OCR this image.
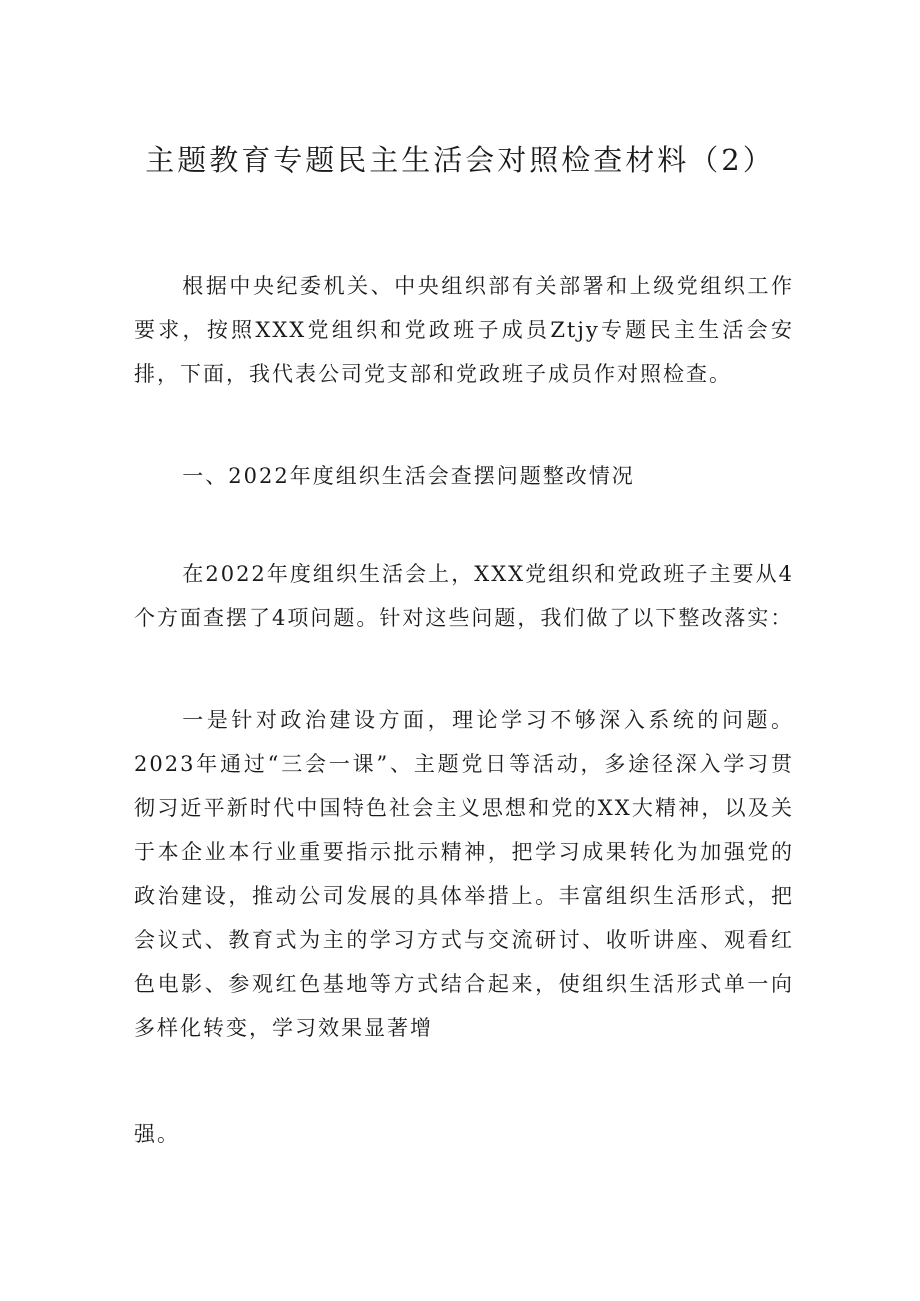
主题教育专题民主生活会对照检查材料（2）
根据中央纪委机关、中央组织部有关部署和上级党组织工作要求，按照XXX党组织和党政班子成员Ztjy专题民主生活会安排，下面，我代表公司党支部和党政班子成员作对照检查。
一、2022年度组织生活会查摆问题整改情况
在2022年度组织生活会上，XXX党组织和党政班子主要从4个方面查摆了4项问题。针对这些问题，我们做了以下整改落实：
一是针对政治建设方面，理论学习不够深入系统的问题。2023年通过“三会一课”、主题党日等活动，多途径深入学习贯彻习近平新时代中国特色社会主义思想和党的XX大精神，以及关于本企业本行业重要指示批示精神，把学习成果转化为加强党的政治建设，推动公司发展的具体举措上。丰富组织生活形式，把会议式、教育式为主的学习方式与交流研讨、收听讲座、观看红色电影、参观红色基地等方式结合起来，使组织生活形式单一向多样化转变，学习效果显著增
强。
